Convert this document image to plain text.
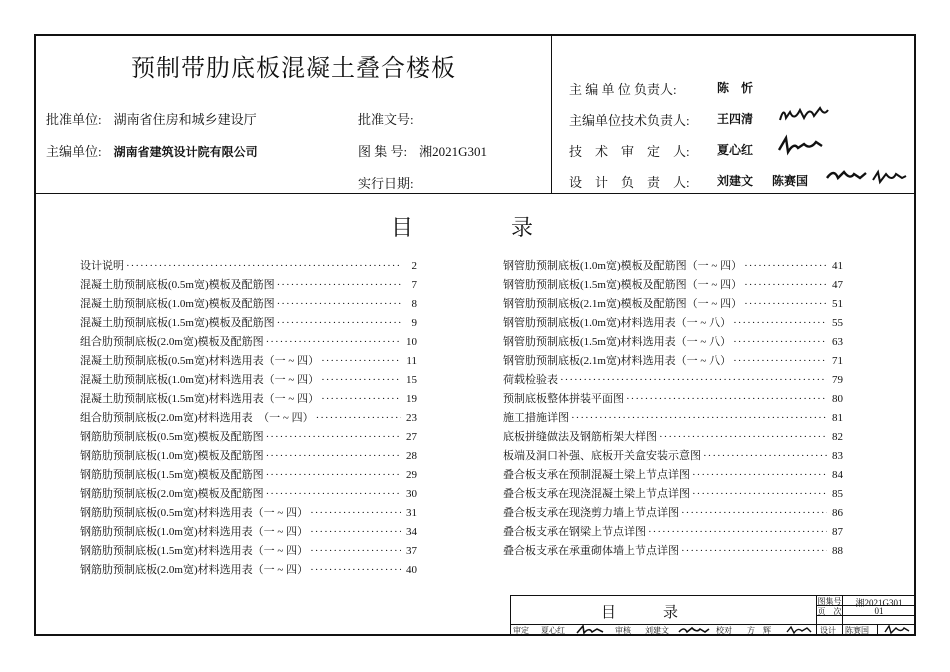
预制带肋底板混凝土叠合楼板
批准单位: 湖南省住房和城乡建设厅	批准文号:
主编单位: 湖南省建筑设计院有限公司	图 集 号: 湘2021G301
实行日期:
主 编 单 位 负责人:	陈　忻
主编单位技术负责人: 王四清
技　术　审　定　人: 夏心红
设　计　负　责　人: 刘建文 陈赛国
目	录
设计说明 ·····	2
混凝土肋预制底板(0.5m宽)模板及配筋图 ·····	7
混凝土肋预制底板(1.0m宽)模板及配筋图 ·····	8
混凝土肋预制底板(1.5m宽)模板及配筋图 ·····	9
组合肋预制底板(2.0m宽)模板及配筋图 ·····	10
混凝土肋预制底板(0.5m宽)材料选用表（一 ~ 四） ·····	11
混凝土肋预制底板(1.0m宽)材料选用表（一 ~ 四） ·····	15
混凝土肋预制底板(1.5m宽)材料选用表（一 ~ 四） ·····	19
组合肋预制底板(2.0m宽)材料选用表　（一 ~ 四） ·····	23
钢筋肋预制底板(0.5m宽)模板及配筋图 ·····	27
钢筋肋预制底板(1.0m宽)模板及配筋图 ·····	28
钢筋肋预制底板(1.5m宽)模板及配筋图 ·····	29
钢筋肋预制底板(2.0m宽)模板及配筋图 ·····	30
钢筋肋预制底板(0.5m宽)材料选用表（一 ~ 四） ·····	31
钢筋肋预制底板(1.0m宽)材料选用表（一 ~ 四） ·····	34
钢筋肋预制底板(1.5m宽)材料选用表（一 ~ 四） ·····	37
钢筋肋预制底板(2.0m宽)材料选用表（一 ~ 四） ·····	40
钢管肋预制底板(1.0m宽)模板及配筋图（一 ~ 四） ·····	41
钢管肋预制底板(1.5m宽)模板及配筋图（一 ~ 四） ·····	47
钢管肋预制底板(2.1m宽)模板及配筋图（一 ~ 四） ·····	51
钢管肋预制底板(1.0m宽)材料选用表（一 ~ 八） ·····	55
钢管肋预制底板(1.5m宽)材料选用表（一 ~ 八） ·····	63
钢管肋预制底板(2.1m宽)材料选用表（一 ~ 八） ·····	71
荷载检验表 ·····	79
预制底板整体拼装平面图 ·····	80
施工措施详图 ·····	81
底板拼缝做法及钢筋桁架大样图 ·····	82
板端及洞口补强、底板开关盒安装示意图 ·····	83
叠合板支承在预制混凝土梁上节点详图 ·····	84
叠合板支承在现浇混凝土梁上节点详图 ·····	85
叠合板支承在现浇剪力墙上节点详图 ·····	86
叠合板支承在钢梁上节点详图 ·····	87
叠合板支承在承重砌体墙上节点详图 ·····	88
目	录
图集号	湘2021G301
页　次	01
审定 夏心红	审核 刘建文	校对 方　辉	设计 陈赛国
